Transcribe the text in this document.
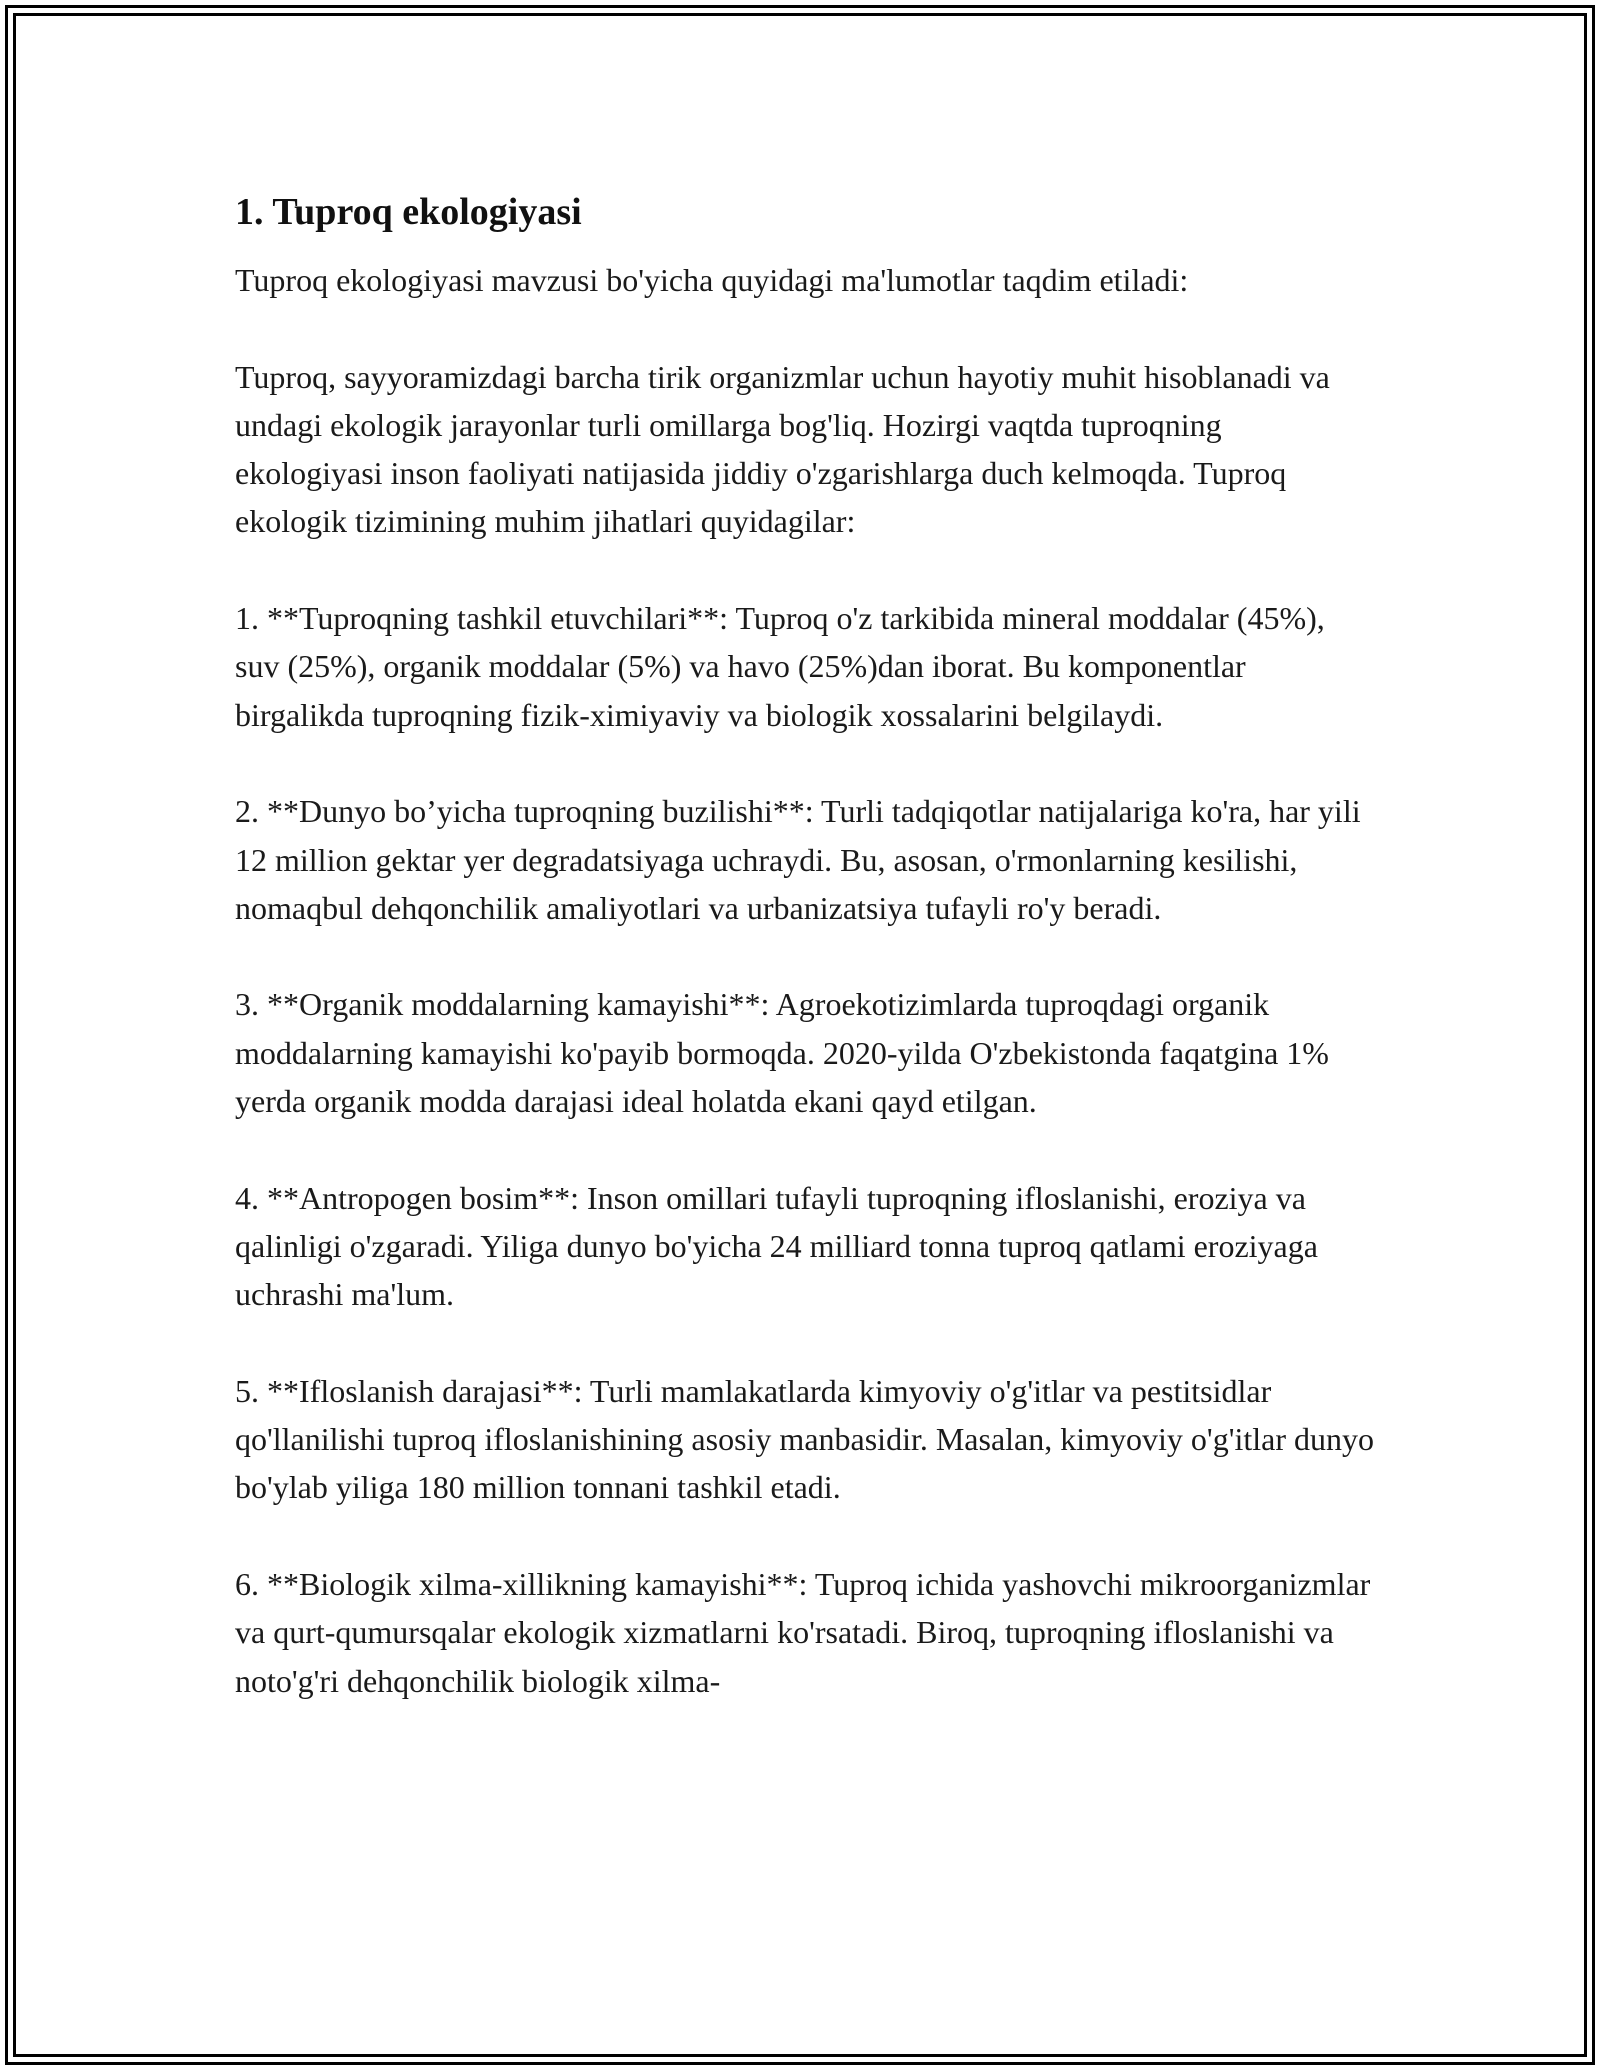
1. Tuproq ekologiyasi

Tuproq ekologiyasi mavzusi bo'yicha quyidagi ma'lumotlar taqdim etiladi:

Tuproq, sayyoramizdagi barcha tirik organizmlar uchun hayotiy muhit hisoblanadi va undagi ekologik jarayonlar turli omillarga bog'liq. Hozirgi vaqtda tuproqning ekologiyasi inson faoliyati natijasida jiddiy o'zgarishlarga duch kelmoqda. Tuproq ekologik tizimining muhim jihatlari quyidagilar:

1. **Tuproqning tashkil etuvchilari**: Tuproq o'z tarkibida mineral moddalar (45%), suv (25%), organik moddalar (5%) va havo (25%)dan iborat. Bu komponentlar birgalikda tuproqning fizik-ximiyaviy va biologik xossalarini belgilaydi.

2. **Dunyo bo’yicha tuproqning buzilishi**: Turli tadqiqotlar natijalariga ko'ra, har yili 12 million gektar yer degradatsiyaga uchraydi. Bu, asosan, o'rmonlarning kesilishi, nomaqbul dehqonchilik amaliyotlari va urbanizatsiya tufayli ro'y beradi.

3. **Organik moddalarning kamayishi**: Agroekotizimlarda tuproqdagi organik moddalarning kamayishi ko'payib bormoqda. 2020-yilda O'zbekistonda faqatgina 1% yerda organik modda darajasi ideal holatda ekani qayd etilgan.

4. **Antropogen bosim**: Inson omillari tufayli tuproqning ifloslanishi, eroziya va qalinligi o'zgaradi. Yiliga dunyo bo'yicha 24 milliard tonna tuproq qatlami eroziyaga uchrashi ma'lum.

5. **Ifloslanish darajasi**: Turli mamlakatlarda kimyoviy o'g'itlar va pestitsidlar qo'llanilishi tuproq ifloslanishining asosiy manbasidir. Masalan, kimyoviy o'g'itlar dunyo bo'ylab yiliga 180 million tonnani tashkil etadi.

6. **Biologik xilma-xillikning kamayishi**: Tuproq ichida yashovchi mikroorganizmlar va qurt-qumursqalar ekologik xizmatlarni ko'rsatadi. Biroq, tuproqning ifloslanishi va noto'g'ri dehqonchilik biologik xilma-
